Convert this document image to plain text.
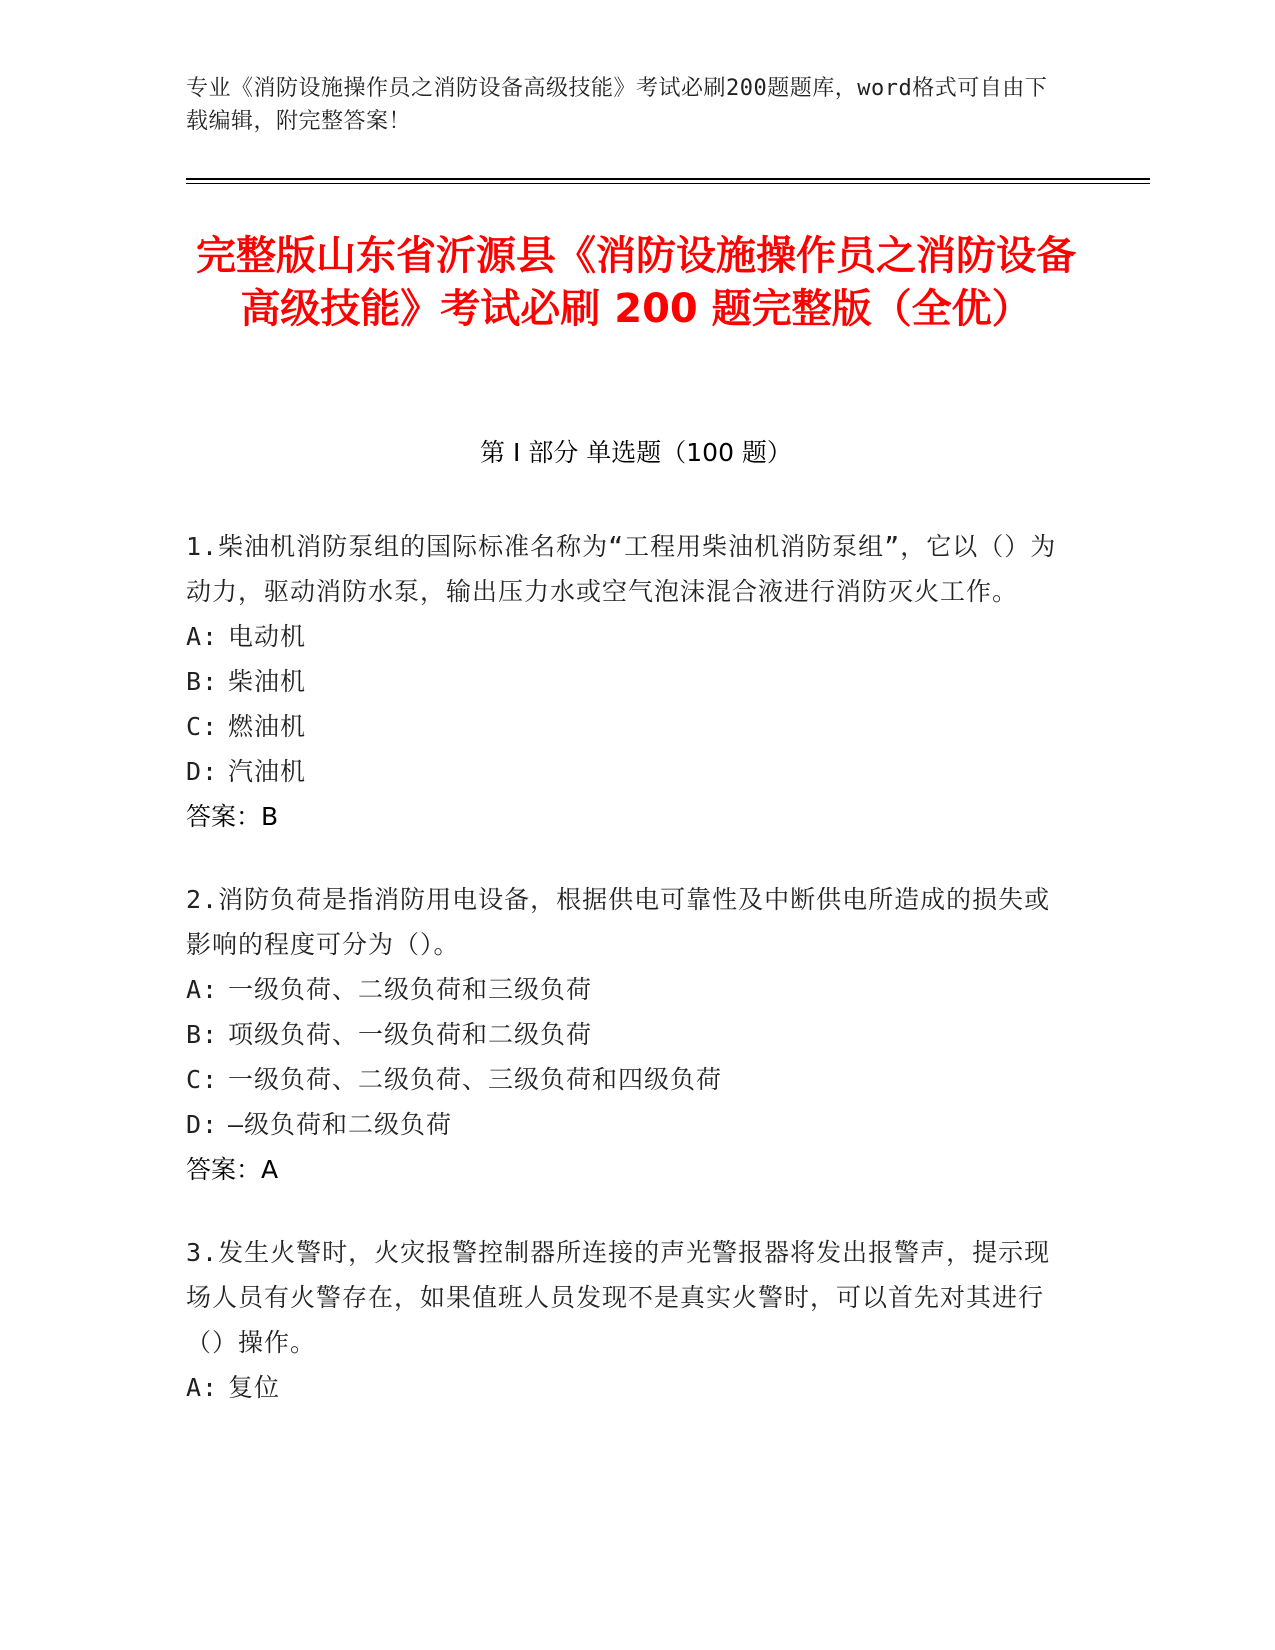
专业《消防设施操作员之消防设备高级技能》考试必刷200题题库，word格式可自由下载编辑，附完整答案！
完整版山东省沂源县《消防设施操作员之消防设备高级技能》考试必刷 200 题完整版（全优）
第 I 部分 单选题（100 题）

1.柴油机消防泵组的国际标准名称为“工程用柴油机消防泵组”，它以（）为动力，驱动消防水泵，输出压力水或空气泡沫混合液进行消防灭火工作。

A: 电动机

B: 柴油机

C: 燃油机

D: 汽油机

答案：B

2.消防负荷是指消防用电设备，根据供电可靠性及中断供电所造成的损失或影响的程度可分为（）。

A: 一级负荷、二级负荷和三级负荷

B: 项级负荷、一级负荷和二级负荷

C: 一级负荷、二级负荷、三级负荷和四级负荷

D: —级负荷和二级负荷

答案：A

3.发生火警时，火灾报警控制器所连接的声光警报器将发出报警声，提示现场人员有火警存在，如果值班人员发现不是真实火警时，可以首先对其进行（）操作。

A: 复位
